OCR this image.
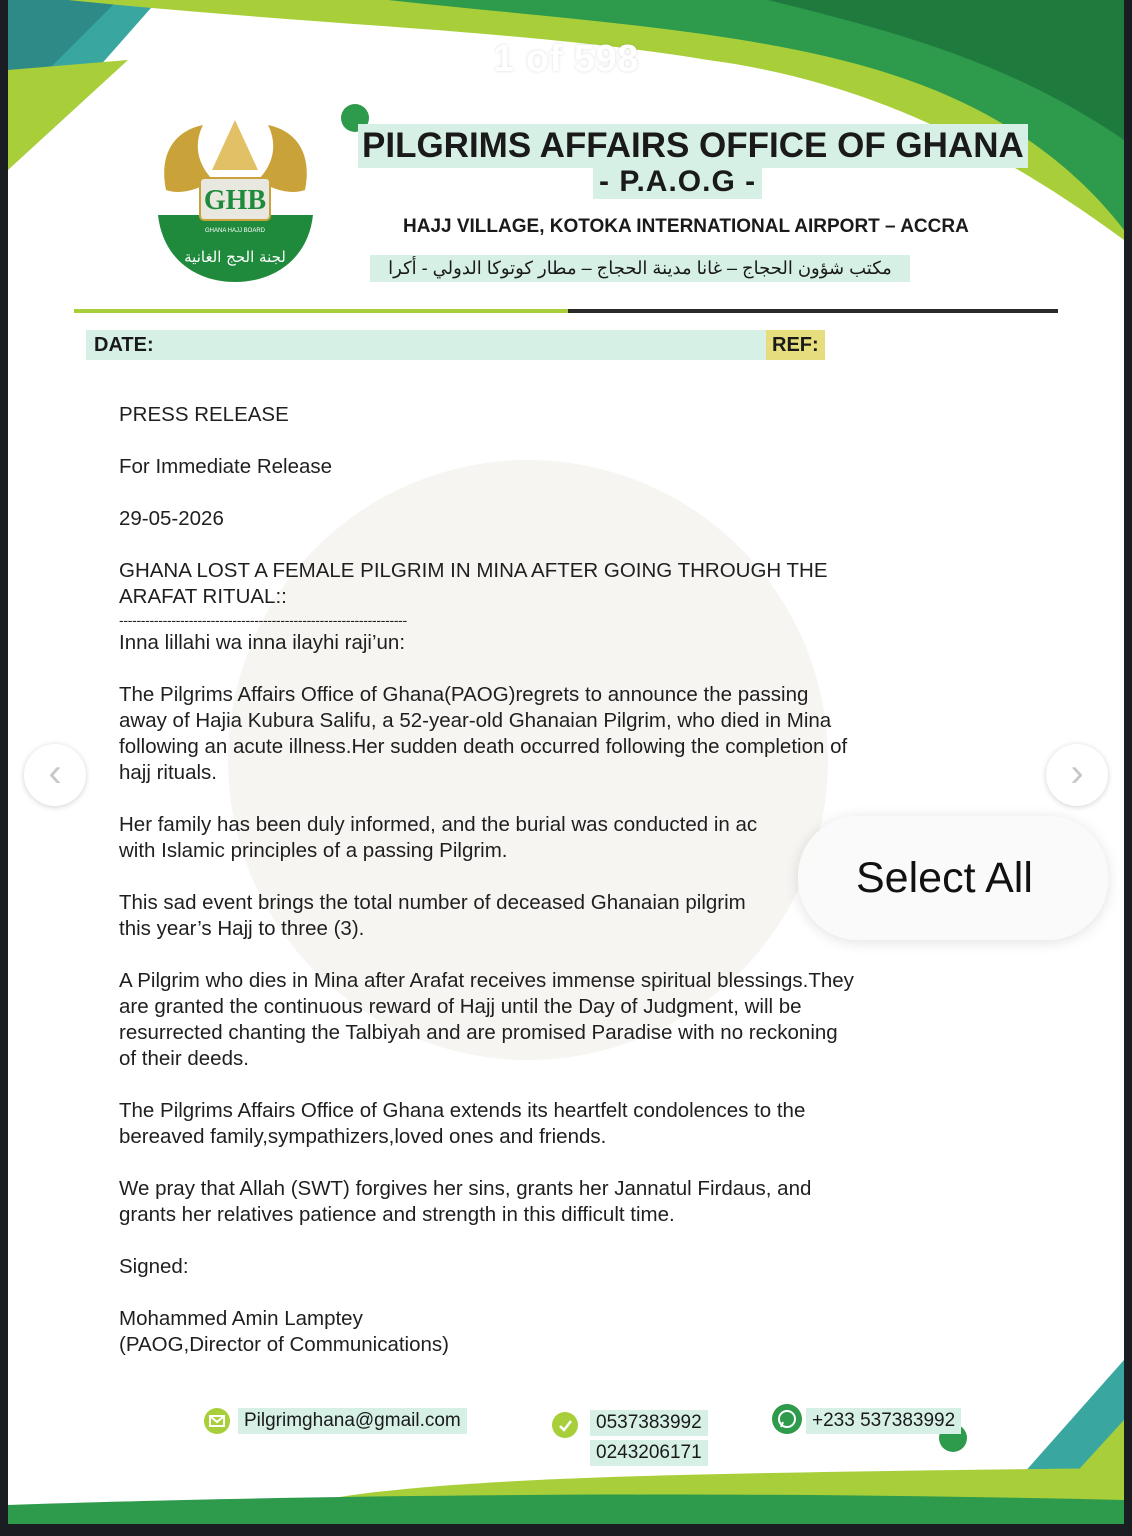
GHB
GHANA HAJJ BOARD
لجنة الحج الغانية
1 of 598
PILGRIMS AFFAIRS OFFICE OF GHANA
- P.A.O.G -
HAJJ VILLAGE, KOTOKA INTERNATIONAL AIRPORT – ACCRA
مكتب شؤون الحجاج – غانا مدينة الحجاج – مطار كوتوكا الدولي - أكرا
DATE:	REF:

PRESS RELEASE

For Immediate Release

29-05-2026

GHANA LOST A FEMALE PILGRIM IN MINA AFTER GOING THROUGH THE
ARAFAT RITUAL::

------------------------------------------------------------------

Inna lillahi wa inna ilayhi raji’un:

The Pilgrims Affairs Office of Ghana(PAOG)regrets to announce the passing
away of Hajia Kubura Salifu, a 52-year-old Ghanaian Pilgrim, who died in Mina
following an acute illness.Her sudden death occurred following the completion of
hajj rituals.

Her family has been duly informed, and the burial was conducted in ac
with Islamic principles of a passing Pilgrim.

This sad event brings the total number of deceased Ghanaian pilgrim
this year’s Hajj to three (3).

A Pilgrim who dies in Mina after Arafat receives immense spiritual blessings.They
are granted the continuous reward of Hajj until the Day of Judgment, will be
resurrected chanting the Talbiyah and are promised Paradise with no reckoning
of their deeds.

The Pilgrims Affairs Office of Ghana extends its heartfelt condolences to the
bereaved family,sympathizers,loved ones and friends.

We pray that Allah (SWT) forgives her sins, grants her Jannatul Firdaus, and
grants her relatives patience and strength in this difficult time.

Signed:

Mohammed Amin Lamptey

(PAOG,Director of Communications)

Pilgrimghana@gmail.com	0537383992
0243206171
+233 537383992
‹	›
Select All
